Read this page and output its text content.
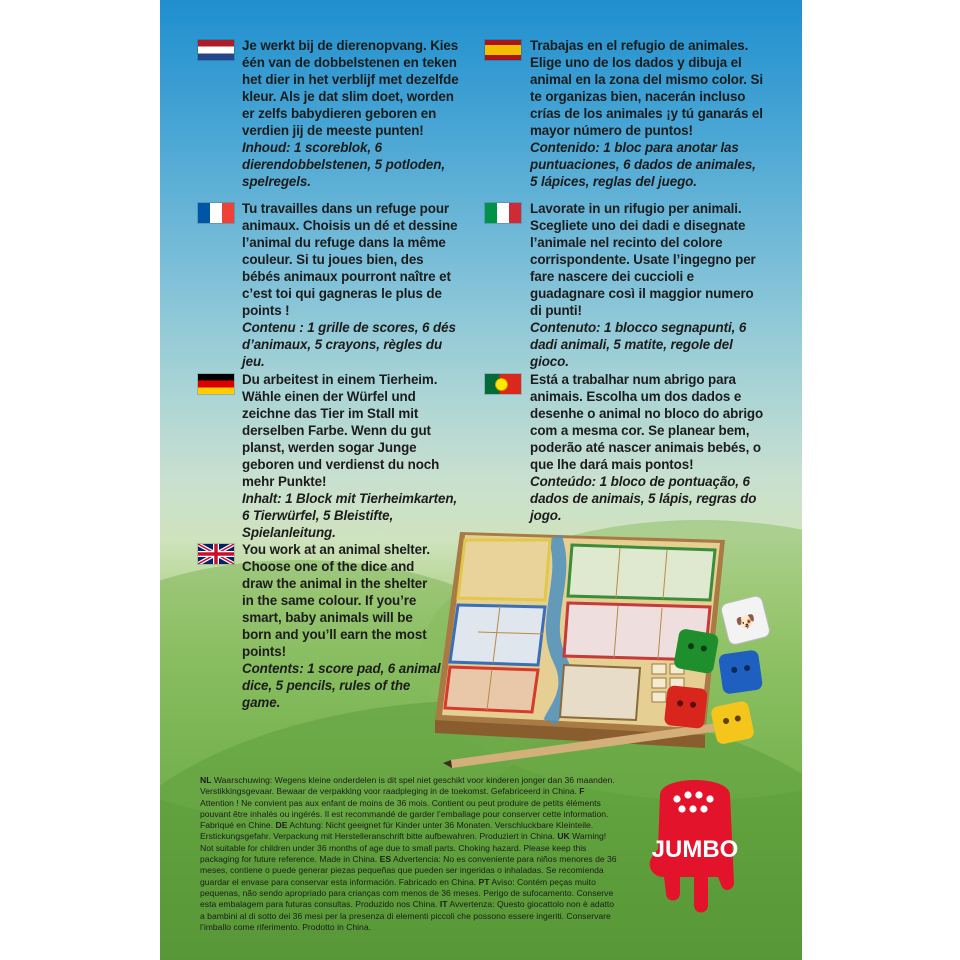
Je werkt bij de dierenopvang. Kies één van de dobbelstenen en teken het dier in het verblijf met dezelfde kleur. Als je dat slim doet, worden er zelfs babydieren geboren en verdien jij de meeste punten!

Inhoud: 1 scoreblok, 6 dierendobbelstenen, 5 potloden, spelregels.

Tu travailles dans un refuge pour animaux. Choisis un dé et dessine l’animal du refuge dans la même couleur. Si tu joues bien, des bébés animaux pourront naître et c’est toi qui gagneras le plus de points !

Contenu : 1 grille de scores, 6 dés d’animaux, 5 crayons, règles du jeu.

Du arbeitest in einem Tierheim. Wähle einen der Würfel und zeichne das Tier im Stall mit derselben Farbe. Wenn du gut planst, werden sogar Junge geboren und verdienst du noch mehr Punkte!

Inhalt: 1 Block mit Tierheimkarten, 6 Tierwürfel, 5 Bleistifte, Spielanleitung.

You work at an animal shelter. Choose one of the dice and draw the animal in the shelter in the same colour. If you’re smart, baby animals will be born and you’ll earn the most points!

Contents: 1 score pad, 6 animal dice, 5 pencils, rules of the game.

Trabajas en el refugio de animales. Elige uno de los dados y dibuja el animal en la zona del mismo color. Si te organizas bien, nacerán incluso crías de los animales ¡y tú ganarás el mayor número de puntos!

Contenido: 1 bloc para anotar las puntuaciones, 6 dados de animales, 5 lápices, reglas del juego.

Lavorate in un rifugio per animali. Scegliete uno dei dadi e disegnate l’animale nel recinto del colore corrispondente. Usate l’ingegno per fare nascere dei cuccioli e guadagnare così il maggior numero di punti!

Contenuto: 1 blocco segnapunti, 6 dadi animali, 5 matite, regole del gioco.

Está a trabalhar num abrigo para animais. Escolha um dos dados e desenhe o animal no bloco do abrigo com a mesma cor. Se planear bem, poderão até nascer animais bebés, o que lhe dará mais pontos!

Conteúdo: 1 bloco de pontuação, 6 dados de animais, 5 lápis, regras do jogo.

🐶
NL Waarschuwing: Wegens kleine onderdelen is dit spel niet geschikt voor kinderen jonger dan 36 maanden. Verstikkingsgevaar. Bewaar de verpakking voor raadpleging in de toekomst. Gefabriceerd in China. F Attention ! Ne convient pas aux enfant de moins de 36 mois. Contient ou peut produire de petits éléments pouvant être inhalés ou ingérés. Il est recommandé de garder l’emballage pour conserver cette information. Fabriqué en Chine. DE Achtung: Nicht geeignet für Kinder unter 36 Monaten. Verschluckbare Kleinteile. Erstickungsgefahr. Verpackung mit Herstelleranschrift bitte aufbewahren. Produziert in China. UK Warning! Not suitable for children under 36 months of age due to small parts. Choking hazard. Please keep this packaging for future reference. Made in China. ES Advertencia: No es conveniente para niños menores de 36 meses, contiene o puede generar piezas pequeñas que pueden ser ingeridas o inhaladas. Se recomienda guardar el envase para conservar esta información. Fabricado en China. PT Aviso: Contém peças muito pequenas, não sendo apropriado para crianças com menos de 36 meses. Perigo de sufocamento. Conserve esta embalagem para futuras consultas. Produzido nos China. IT Avvertenza: Questo giocattolo non è adatto a bambini al di sotto dei 36 mesi per la presenza di elementi piccoli che possono essere ingeriti. Conservare l’imballo come riferimento. Prodotto in China.
JUMBO
